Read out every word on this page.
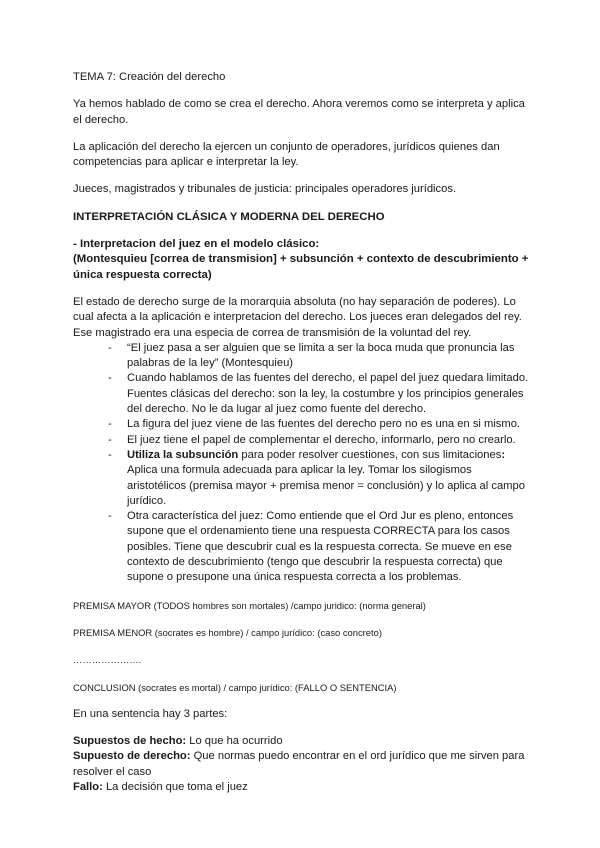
TEMA 7: Creación del derecho

Ya hemos hablado de como se crea el derecho. Ahora veremos como se interpreta y aplica el derecho.

La aplicación del derecho la ejercen un conjunto de operadores, jurídicos quienes dan competencias para aplicar e interpretar la ley.

Jueces, magistrados y tribunales de justicia: principales operadores jurídicos.

INTERPRETACIÓN CLÁSICA Y MODERNA DEL DERECHO

- Interpretacion del juez en el modelo clásico:

(Montesquieu [correa de transmision] + subsunción + contexto de descubrimiento + única respuesta correcta)

El estado de derecho surge de la morarquia absoluta (no hay separación de poderes). Lo cual afecta a la aplicación e interpretacion del derecho. Los jueces eran delegados del rey. Ese magistrado era una especia de correa de transmisión de la voluntad del rey.

- “El juez pasa a ser alguien que se limita a ser la boca muda que pronuncia las palabras de la ley” (Montesquieu)
- Cuando hablamos de las fuentes del derecho, el papel del juez quedara limitado. Fuentes clásicas del derecho: son la ley, la costumbre y los principios generales del derecho. No le da lugar al juez como fuente del derecho.
- La figura del juez viene de las fuentes del derecho pero no es una en si mismo.
- El juez tiene el papel de complementar el derecho, informarlo, pero no crearlo.
- Utiliza la subsunción para poder resolver cuestiones, con sus limitaciones: Aplica una formula adecuada para aplicar la ley. Tomar los silogismos aristotélicos (premisa mayor + premisa menor = conclusión) y lo aplica al campo jurídico.
- Otra característica del juez: Como entiende que el Ord Jur es pleno, entonces supone que el ordenamiento tiene una respuesta CORRECTA para los casos posibles. Tiene que descubrir cual es la respuesta correcta. Se mueve en ese contexto de descubrimiento (tengo que descubrir la respuesta correcta) que supone o presupone una única respuesta correcta a los problemas.

PREMISA MAYOR (TODOS hombres son mortales) /campo juridico: (norma general)

PREMISA MENOR (socrates es hombre) / campo jurídico: (caso concreto)

………………….

CONCLUSION (socrates es mortal) / campo jurídico: (FALLO O SENTENCIA)

En una sentencia hay 3 partes:

Supuestos de hecho: Lo que ha ocurrido

Supuesto de derecho: Que normas puedo encontrar en el ord jurídico que me sirven para resolver el caso

Fallo: La decisión que toma el juez
